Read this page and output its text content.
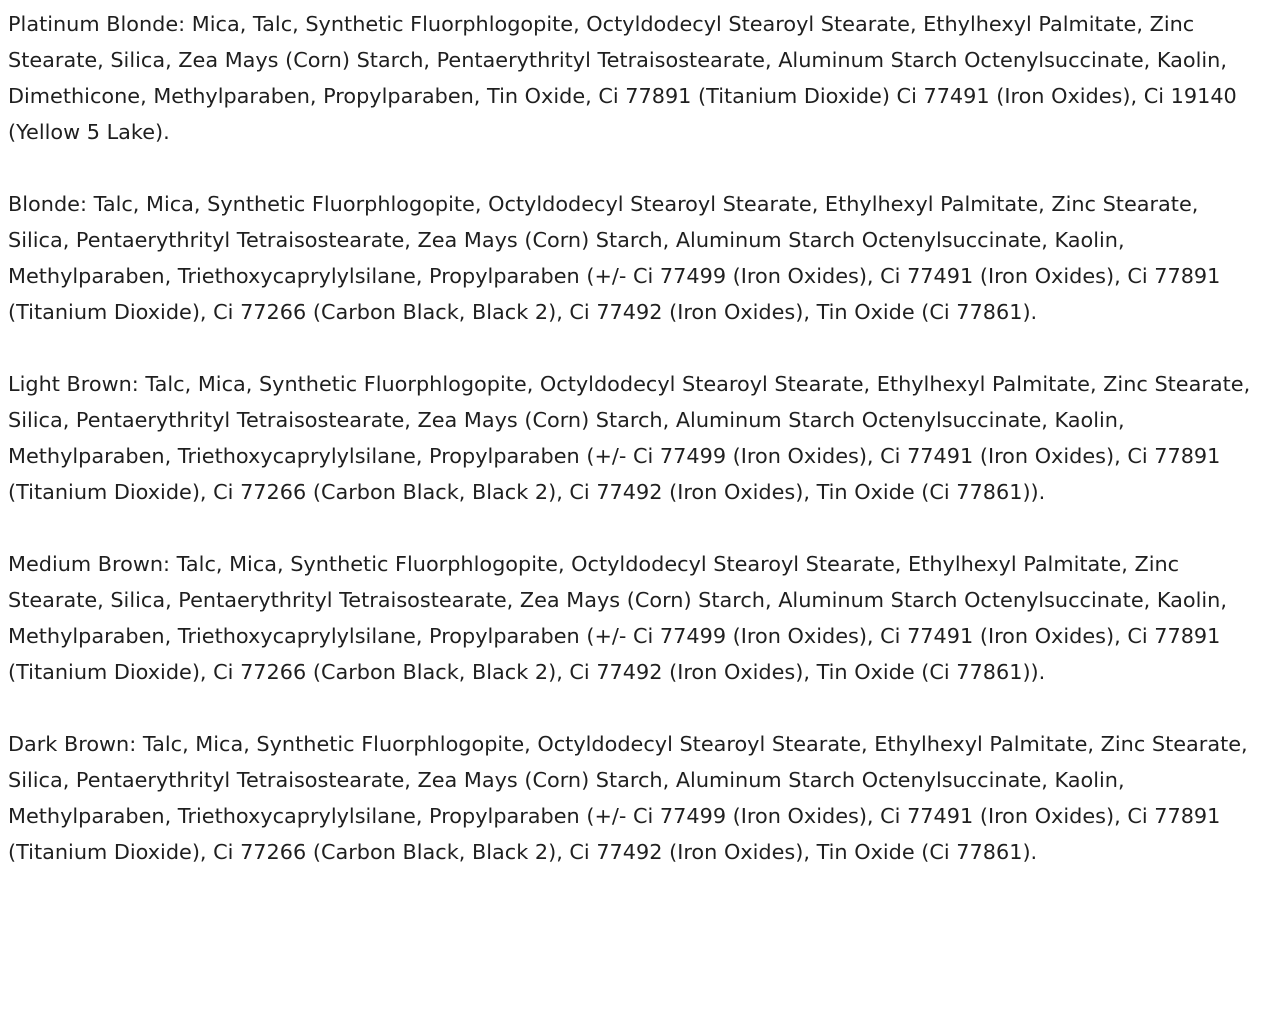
Platinum Blonde: Mica, Talc, Synthetic Fluorphlogopite, Octyldodecyl Stearoyl Stearate, Ethylhexyl Palmitate, Zinc Stearate, Silica, Zea Mays (Corn) Starch, Pentaerythrityl Tetraisostearate, Aluminum Starch Octenylsuccinate, Kaolin, Dimethicone, Methylparaben, Propylparaben, Tin Oxide, Ci 77891 (Titanium Dioxide) Ci 77491 (Iron Oxides), Ci 19140 (Yellow 5 Lake).

Blonde: Talc, Mica, Synthetic Fluorphlogopite, Octyldodecyl Stearoyl Stearate, Ethylhexyl Palmitate, Zinc Stearate, Silica, Pentaerythrityl Tetraisostearate, Zea Mays (Corn) Starch, Aluminum Starch Octenylsuccinate, Kaolin, Methylparaben, Triethoxycaprylylsilane, Propylparaben (+/- Ci 77499 (Iron Oxides), Ci 77491 (Iron Oxides), Ci 77891 (Titanium Dioxide), Ci 77266 (Carbon Black, Black 2), Ci 77492 (Iron Oxides), Tin Oxide (Ci 77861).

Light Brown: Talc, Mica, Synthetic Fluorphlogopite, Octyldodecyl Stearoyl Stearate, Ethylhexyl Palmitate, Zinc Stearate, Silica, Pentaerythrityl Tetraisostearate, Zea Mays (Corn) Starch, Aluminum Starch Octenylsuccinate, Kaolin, Methylparaben, Triethoxycaprylylsilane, Propylparaben (+/- Ci 77499 (Iron Oxides), Ci 77491 (Iron Oxides), Ci 77891 (Titanium Dioxide), Ci 77266 (Carbon Black, Black 2), Ci 77492 (Iron Oxides), Tin Oxide (Ci 77861)).

Medium Brown: Talc, Mica, Synthetic Fluorphlogopite, Octyldodecyl Stearoyl Stearate, Ethylhexyl Palmitate, Zinc Stearate, Silica, Pentaerythrityl Tetraisostearate, Zea Mays (Corn) Starch, Aluminum Starch Octenylsuccinate, Kaolin, Methylparaben, Triethoxycaprylylsilane, Propylparaben (+/- Ci 77499 (Iron Oxides), Ci 77491 (Iron Oxides), Ci 77891 (Titanium Dioxide), Ci 77266 (Carbon Black, Black 2), Ci 77492 (Iron Oxides), Tin Oxide (Ci 77861)).

Dark Brown: Talc, Mica, Synthetic Fluorphlogopite, Octyldodecyl Stearoyl Stearate, Ethylhexyl Palmitate, Zinc Stearate, Silica, Pentaerythrityl Tetraisostearate, Zea Mays (Corn) Starch, Aluminum Starch Octenylsuccinate, Kaolin, Methylparaben, Triethoxycaprylylsilane, Propylparaben (+/- Ci 77499 (Iron Oxides), Ci 77491 (Iron Oxides), Ci 77891 (Titanium Dioxide), Ci 77266 (Carbon Black, Black 2), Ci 77492 (Iron Oxides), Tin Oxide (Ci 77861).
